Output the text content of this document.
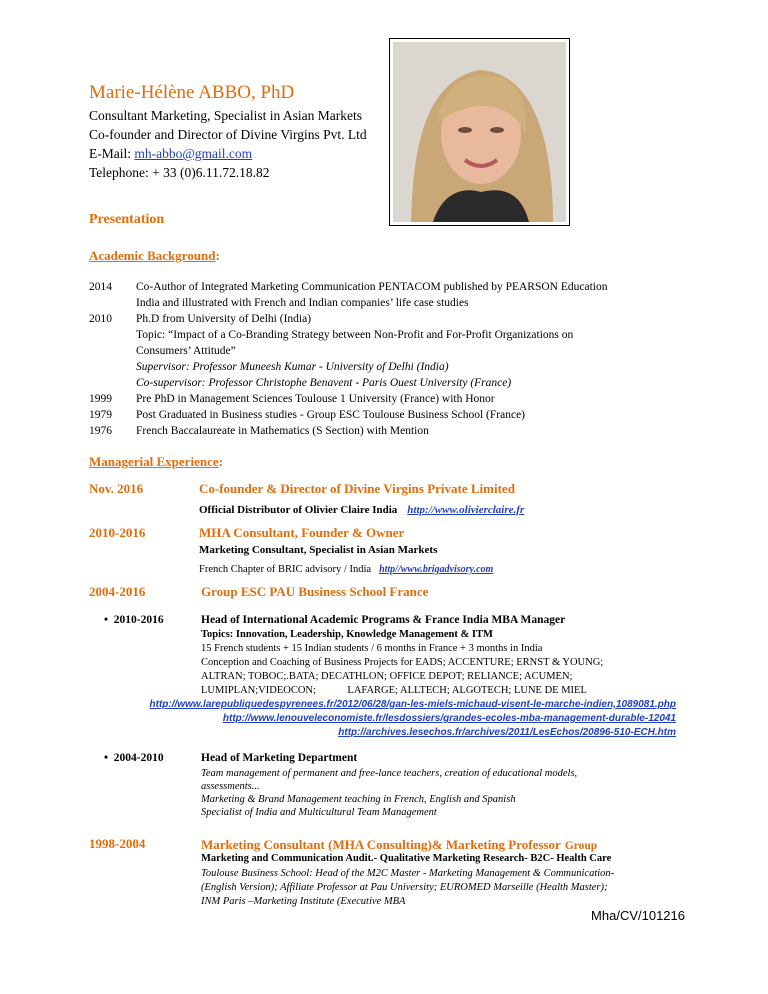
Marie-Hélène ABBO, PhD
Consultant Marketing, Specialist in Asian Markets
Co-founder and Director of Divine Virgins Pvt. Ltd
E-Mail: mh-abbo@gmail.com
Telephone: + 33 (0)6.11.72.18.82
Presentation
Academic Background:
2014 Co-Author of Integrated Marketing Communication PENTACOM published by PEARSON Education
India and illustrated with French and Indian companies’ life case studies
2010 Ph.D from University of Delhi (India)
Topic: “Impact of a Co-Branding Strategy between Non-Profit and For-Profit Organizations on
Consumers’ Attitude”
Supervisor: Professor Muneesh Kumar - University of Delhi (India)
Co-supervisor: Professor Christophe Benavent - Paris Ouest University (France)
1999 Pre PhD in Management Sciences Toulouse 1 University (France) with Honor
1979 Post Graduated in Business studies - Group ESC Toulouse Business School (France)
1976 French Baccalaureate in Mathematics (S Section) with Mention
Managerial Experience:
Nov. 2016	Co-founder & Director of Divine Virgins Private Limited
Official Distributor of Olivier Claire India http://www.olivierclaire.fr
2010-2016	MHA Consultant, Founder & Owner
Marketing Consultant, Specialist in Asian Markets
French Chapter of BRIC advisory / India http//www.brigadvisory.com
2004-2016	Group ESC PAU Business School France
• 2010-2016	Head of International Academic Programs & France India MBA Manager
Topics: Innovation, Leadership, Knowledge Management & ITM
15 French students + 15 Indian students / 6 months in France + 3 months in India
Conception and Coaching of Business Projects for EADS; ACCENTURE; ERNST & YOUNG;
ALTRAN; TOBOC;.BATA; DECATHLON; OFFICE DEPOT; RELIANCE; ACUMEN;
LUMIPLAN;VIDEOCON;            LAFARGE; ALLTECH; ALGOTECH; LUNE DE MIEL
http://www.larepubliquedespyrenees.fr/2012/06/28/gan-les-miels-michaud-visent-le-marche-indien,1089081.php
http://www.lenouveleconomiste.fr/lesdossiers/grandes-ecoles-mba-management-durable-12041
http://archives.lesechos.fr/archives/2011/LesEchos/20896-510-ECH.htm
• 2004-2010	Head of Marketing Department
Team management of permanent and free-lance teachers, creation of educational models,
assessments...
Marketing & Brand Management teaching in French, English and Spanish
Specialist of India and Multicultural Team Management
1998-2004	Marketing Consultant (MHA Consulting)& Marketing Professor Group
Marketing and Communication Audit.- Qualitative Marketing Research- B2C- Health Care
Toulouse Business School: Head of the M2C Master - Marketing Management & Communication-
(English Version); Affiliate Professor at Pau University; EUROMED Marseille (Health Master);
INM Paris –Marketing Institute (Executive MBA
Mha/CV/101216
